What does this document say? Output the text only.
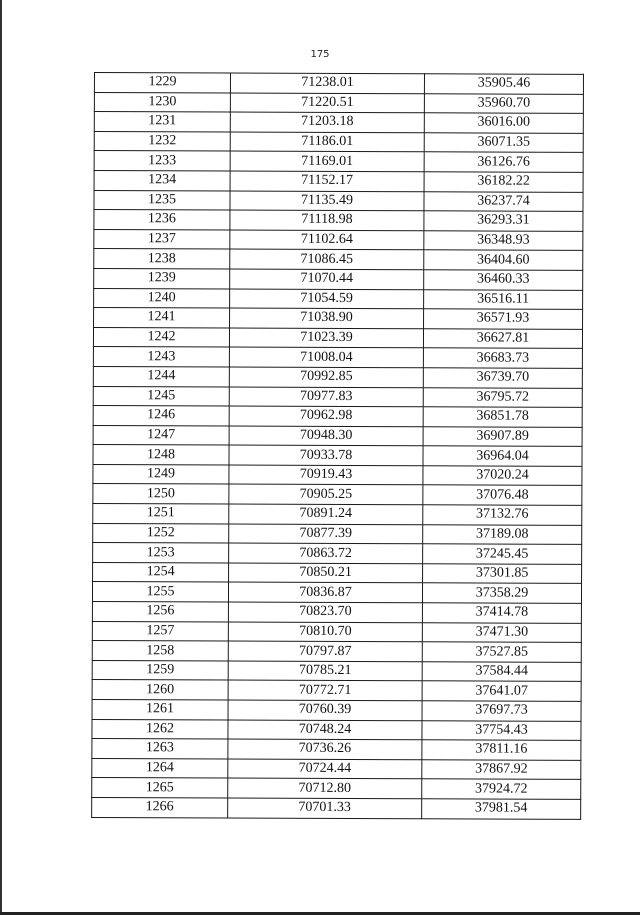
175
1229	71238.01	35905.46
1230	71220.51	35960.70
1231	71203.18	36016.00
1232	71186.01	36071.35
1233	71169.01	36126.76
1234	71152.17	36182.22
1235	71135.49	36237.74
1236	71118.98	36293.31
1237	71102.64	36348.93
1238	71086.45	36404.60
1239	71070.44	36460.33
1240	71054.59	36516.11
1241	71038.90	36571.93
1242	71023.39	36627.81
1243	71008.04	36683.73
1244	70992.85	36739.70
1245	70977.83	36795.72
1246	70962.98	36851.78
1247	70948.30	36907.89
1248	70933.78	36964.04
1249	70919.43	37020.24
1250	70905.25	37076.48
1251	70891.24	37132.76
1252	70877.39	37189.08
1253	70863.72	37245.45
1254	70850.21	37301.85
1255	70836.87	37358.29
1256	70823.70	37414.78
1257	70810.70	37471.30
1258	70797.87	37527.85
1259	70785.21	37584.44
1260	70772.71	37641.07
1261	70760.39	37697.73
1262	70748.24	37754.43
1263	70736.26	37811.16
1264	70724.44	37867.92
1265	70712.80	37924.72
1266	70701.33	37981.54
